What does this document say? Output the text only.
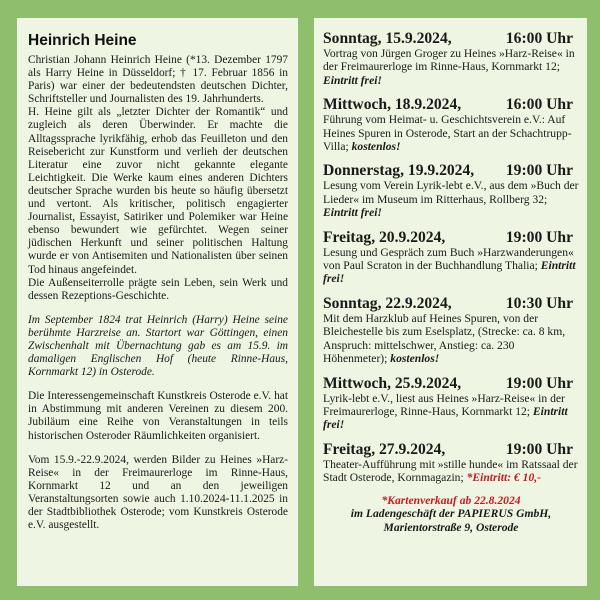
Heinrich Heine

Christian Johann Heinrich Heine (*13. Dezember 1797 als Harry Heine in Düsseldorf; † 17. Februar 1856 in Paris) war einer der bedeutendsten deutschen Dichter, Schriftsteller und Journalisten des 19. Jahrhunderts.

H. Heine gilt als „letzter Dichter der Romantik“ und zugleich als deren Überwinder. Er machte die Alltagssprache lyrikfähig, erhob das Feuilleton und den Reisebericht zur Kunstform und verlieh der deutschen Literatur eine zuvor nicht gekannte elegante Leichtigkeit. Die Werke kaum eines anderen Dichters deutscher Sprache wurden bis heute so häufig übersetzt und vertont. Als kritischer, politisch engagierter Journalist, Essayist, Satiriker und Polemiker war Heine ebenso bewundert wie gefürchtet. Wegen seiner jüdischen Herkunft und seiner politischen Haltung wurde er von Antisemiten und Nationalisten über seinen Tod hinaus angefeindet.

Die Außenseiterrolle prägte sein Leben, sein Werk und dessen Rezeptions-Geschichte.

Im September 1824 trat Heinrich (Harry) Heine seine berühmte Harzreise an. Startort war Göttingen, einen Zwischenhalt mit Übernachtung gab es am 15.9. im damaligen Englischen Hof (heute Rinne-Haus, Kornmarkt 12) in Osterode.

Die Interessengemeinschaft Kunstkreis Osterode e.V. hat in Abstimmung mit anderen Vereinen zu diesem 200. Jubiläum eine Reihe von Veranstaltungen in teils historischen Osteroder Räumlichkeiten organisiert.

Vom 15.9.-22.9.2024, werden Bilder zu Heines »Harz-Reise« in der Freimaurerloge im Rinne-Haus, Kornmarkt 12 und an den jeweiligen Veranstaltungsorten sowie auch 1.10.2024-11.1.2025 in der Stadtbibliothek Osterode; vom Kunstkreis Osterode e.V. ausgestellt.

Sonntag, 15.9.2024,	16:00 Uhr
Vortrag von Jürgen Groger zu Heines »Harz-Reise« in der Freimaurerloge im Rinne-Haus, Kornmarkt 12; Eintritt frei!
Mittwoch, 18.9.2024,	16:00 Uhr
Führung vom Heimat- u. Geschichtsverein e.V.: Auf Heines Spuren in Osterode, Start an der Schachtrupp-Villa; kostenlos!
Donnerstag, 19.9.2024, 19:00 Uhr
Lesung vom Verein Lyrik-lebt e.V., aus dem »Buch der Lieder« im Museum im Ritterhaus, Rollberg 32; Eintritt frei!
Freitag, 20.9.2024,	19:00 Uhr
Lesung und Gespräch zum Buch »Harzwanderungen« von Paul Scraton in der Buchhandlung Thalia; Eintritt frei!
Sonntag, 22.9.2024,	10:30 Uhr
Mit dem Harzklub auf Heines Spuren, von der Bleichestelle bis zum Eselsplatz, (Strecke: ca. 8 km, Anspruch: mittelschwer, Anstieg: ca. 230 Höhenmeter); kostenlos!
Mittwoch, 25.9.2024,	19:00 Uhr
Lyrik-lebt e.V., liest aus Heines »Harz-Reise« in der Freimaurerloge, Rinne-Haus, Kornmarkt 12; Eintritt frei!
Freitag, 27.9.2024,	19:00 Uhr
Theater-Aufführung mit »stille hunde« im Ratssaal der Stadt Osterode, Kornmagazin; *Eintritt: € 10,-
*Kartenverkauf ab 22.8.2024
im Ladengeschäft der PAPIERUS GmbH,
Marientorstraße 9, Osterode
